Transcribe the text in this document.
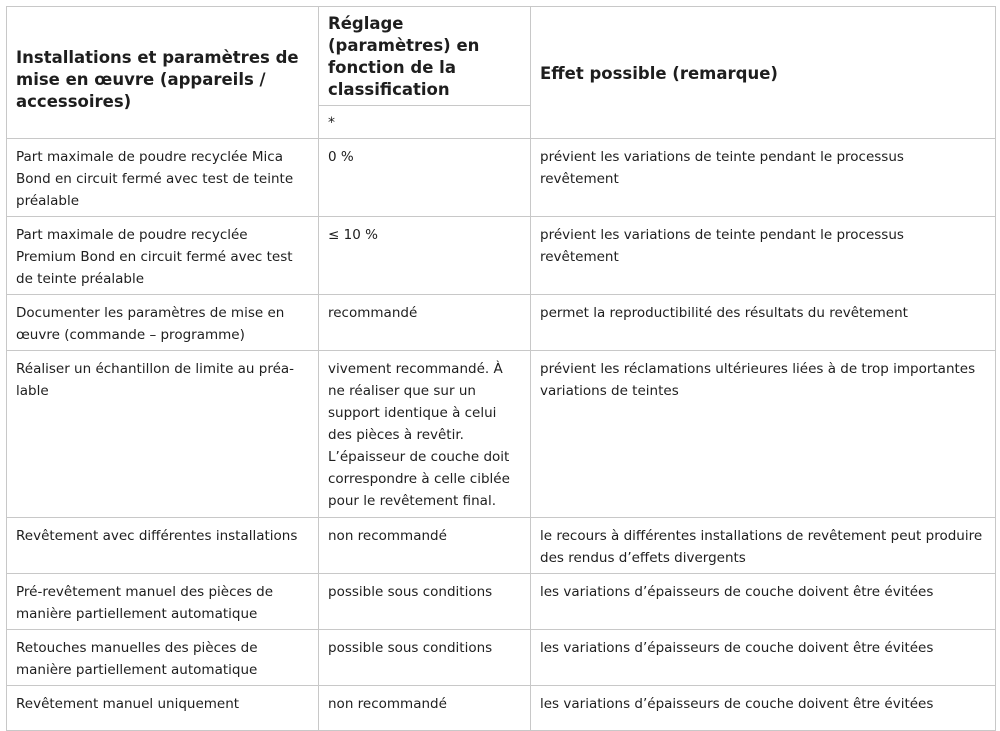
Installations et paramètres de mise en œuvre (appareils / accessoires)	Réglage (paramètres) en fonction de la classification	Effet possible (remarque)
	*	
Part maximale de poudre recyclée Mica Bond en circuit fermé avec test de teinte préalable	0 %	prévient les variations de teinte pendant le processus revêtement
Part maximale de poudre recyclée Premium Bond en circuit fermé avec test de teinte préalable	≤ 10 %	prévient les variations de teinte pendant le processus revêtement
Documenter les paramètres de mise en œuvre (commande – programme)	recommandé	permet la reproductibilité des résultats du revêtement
Réaliser un échantillon de limite au préa-lable	vivement recommandé. À ne réaliser que sur un support identique à celui des pièces à revêtir. L’épaisseur de couche doit correspondre à celle ciblée pour le revêtement final.	prévient les réclamations ultérieures liées à de trop importantes variations de teintes
Revêtement avec différentes installations	non recommandé	le recours à différentes installations de revêtement peut produire des rendus d’effets divergents
Pré-revêtement manuel des pièces de manière partiellement automatique	possible sous conditions	les variations d’épaisseurs de couche doivent être évitées
Retouches manuelles des pièces de manière partiellement automatique	possible sous conditions	les variations d’épaisseurs de couche doivent être évitées
Revêtement manuel uniquement	non recommandé	les variations d’épaisseurs de couche doivent être évitées
